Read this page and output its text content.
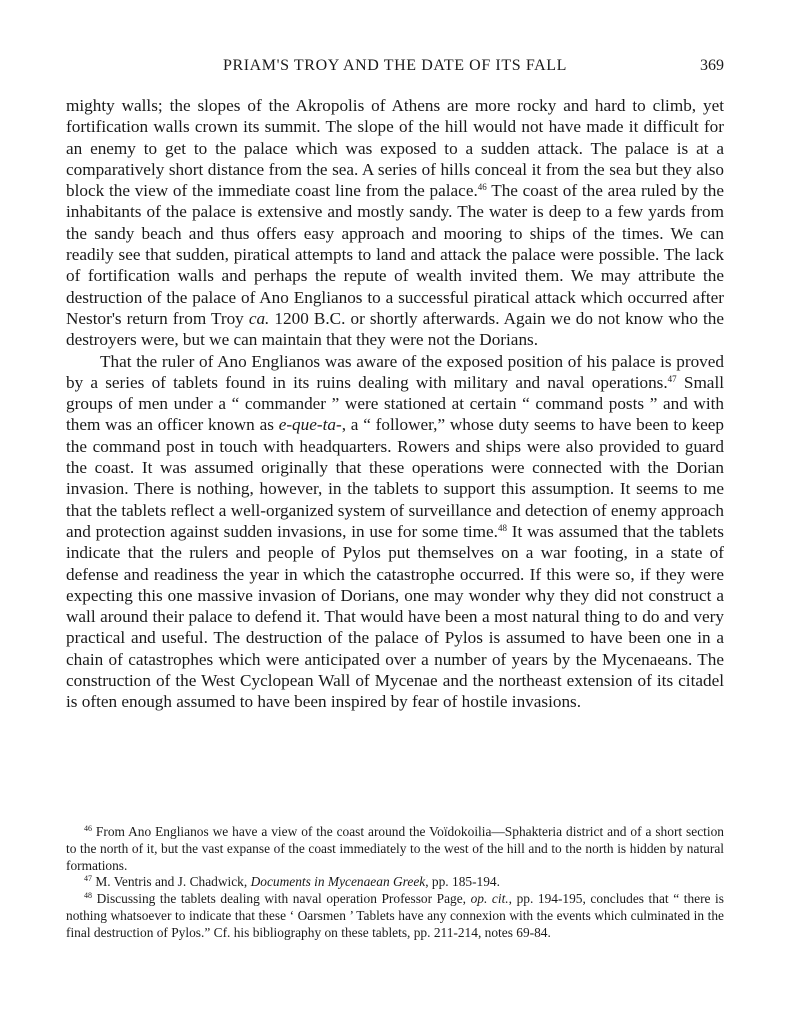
PRIAM'S TROY AND THE DATE OF ITS FALL	369

mighty walls; the slopes of the Akropolis of Athens are more rocky and hard to climb, yet fortification walls crown its summit. The slope of the hill would not have made it difficult for an enemy to get to the palace which was exposed to a sudden attack. The palace is at a comparatively short distance from the sea. A series of hills conceal it from the sea but they also block the view of the immediate coast line from the palace.$^{46}$ The coast of the area ruled by the inhabitants of the palace is extensive and mostly sandy. The water is deep to a few yards from the sandy beach and thus offers easy approach and mooring to ships of the times. We can readily see that sudden, piratical attempts to land and attack the palace were possible. The lack of fortification walls and perhaps the repute of wealth invited them. We may attribute the destruction of the palace of Ano Englianos to a successful piratical attack which occurred after Nestor's return from Troy ca. 1200 B.C. or shortly afterwards. Again we do not know who the destroyers were, but we can maintain that they were not the Dorians.

That the ruler of Ano Englianos was aware of the exposed position of his palace is proved by a series of tablets found in its ruins dealing with military and naval operations.$^{47}$ Small groups of men under a “ commander ” were stationed at certain “ command posts ” and with them was an officer known as e-que-ta-, a “ follower,” whose duty seems to have been to keep the command post in touch with headquarters. Rowers and ships were also provided to guard the coast. It was assumed originally that these operations were connected with the Dorian invasion. There is nothing, however, in the tablets to support this assumption. It seems to me that the tablets reflect a well-organized system of surveillance and detection of enemy approach and protection against sudden invasions, in use for some time.$^{48}$ It was assumed that the tablets indicate that the rulers and people of Pylos put themselves on a war footing, in a state of defense and readiness the year in which the catastrophe occurred. If this were so, if they were expecting this one massive invasion of Dorians, one may wonder why they did not construct a wall around their palace to defend it. That would have been a most natural thing to do and very practical and useful. The destruction of the palace of Pylos is assumed to have been one in a chain of catastrophes which were anticipated over a number of years by the Mycenaeans. The construction of the West Cyclopean Wall of Mycenae and the northeast extension of its citadel is often enough assumed to have been inspired by fear of hostile invasions.

$^{46}$ From Ano Englianos we have a view of the coast around the Voïdokoilia—Sphakteria district and of a short section to the north of it, but the vast expanse of the coast immediately to the west of the hill and to the north is hidden by natural formations.

$^{47}$ M. Ventris and J. Chadwick, Documents in Mycenaean Greek, pp. 185-194.

$^{48}$ Discussing the tablets dealing with naval operation Professor Page, op. cit., pp. 194-195, concludes that “ there is nothing whatsoever to indicate that these ‘ Oarsmen ’ Tablets have any connexion with the events which culminated in the final destruction of Pylos.” Cf. his bibliography on these tablets, pp. 211-214, notes 69-84.
